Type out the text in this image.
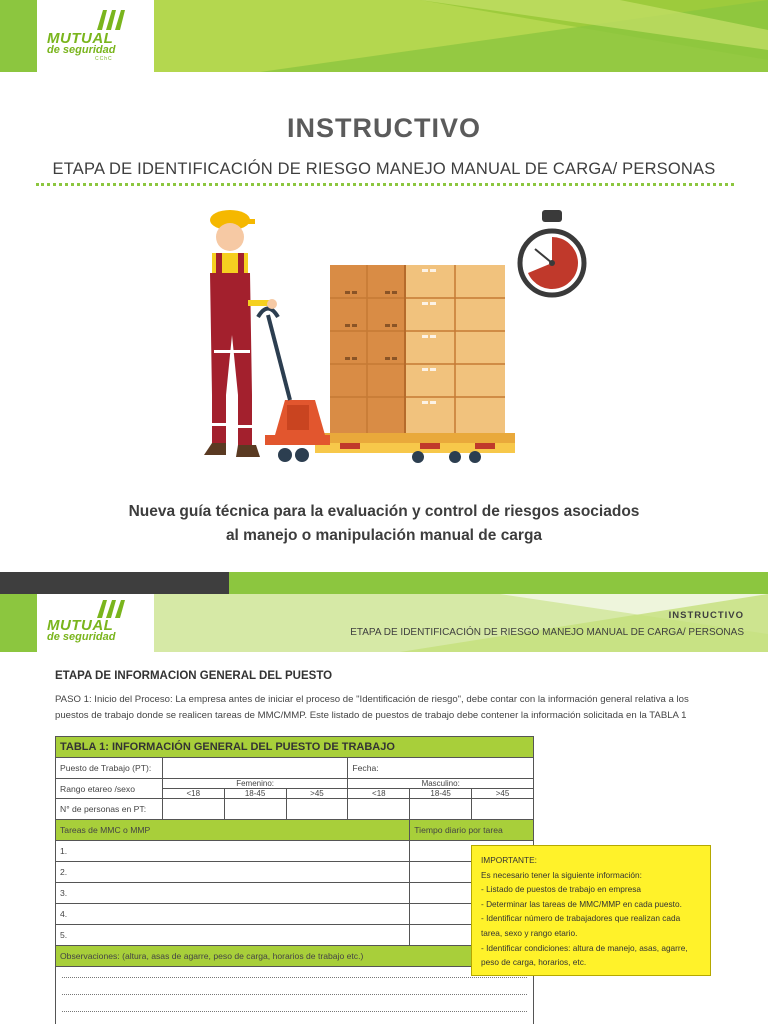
MUTUAL
de seguridad
CChC
INSTRUCTIVO
ETAPA DE IDENTIFICACIÓN DE RIESGO MANEJO MANUAL DE CARGA/ PERSONAS
Nueva guía técnica para la evaluación y control de riesgos asociados
al manejo o manipulación manual de carga
MUTUAL
de seguridad
INSTRUCTIVO
ETAPA DE IDENTIFICACIÓN DE RIESGO MANEJO MANUAL DE CARGA/ PERSONAS
ETAPA DE INFORMACION GENERAL DEL PUESTO
PASO 1: Inicio del Proceso: La empresa antes de iniciar el proceso de "Identificación de riesgo", debe contar con la información general relativa a los puestos de trabajo donde se realicen tareas de MMC/MMP. Este listado de puestos de trabajo debe contener la información solicitada en la TABLA 1
TABLA 1: INFORMACIÓN GENERAL DEL PUESTO DE TRABAJO						
Puesto de Trabajo (PT):				Fecha:		
Rango etareo /sexo	Femenino:			Masculino:		
	<18	18-45	>45	<18	18-45	>45
N° de personas en PT:						
Tareas de MMC o MMP					Tiempo diario por tarea	
1.						
2.						
3.						
4.						
5.						
Observaciones: (altura, asas de agarre, peso de carga, horarios de trabajo etc.)						

IMPORTANTE:
Es necesario tener la siguiente información:
- Listado de puestos de trabajo en empresa
- Determinar las tareas de MMC/MMP en cada puesto.
- Identificar número de trabajadores que realizan cada tarea, sexo y rango etario.
- Identificar condiciones: altura de manejo, asas, agarre, peso de carga, horarios, etc.
